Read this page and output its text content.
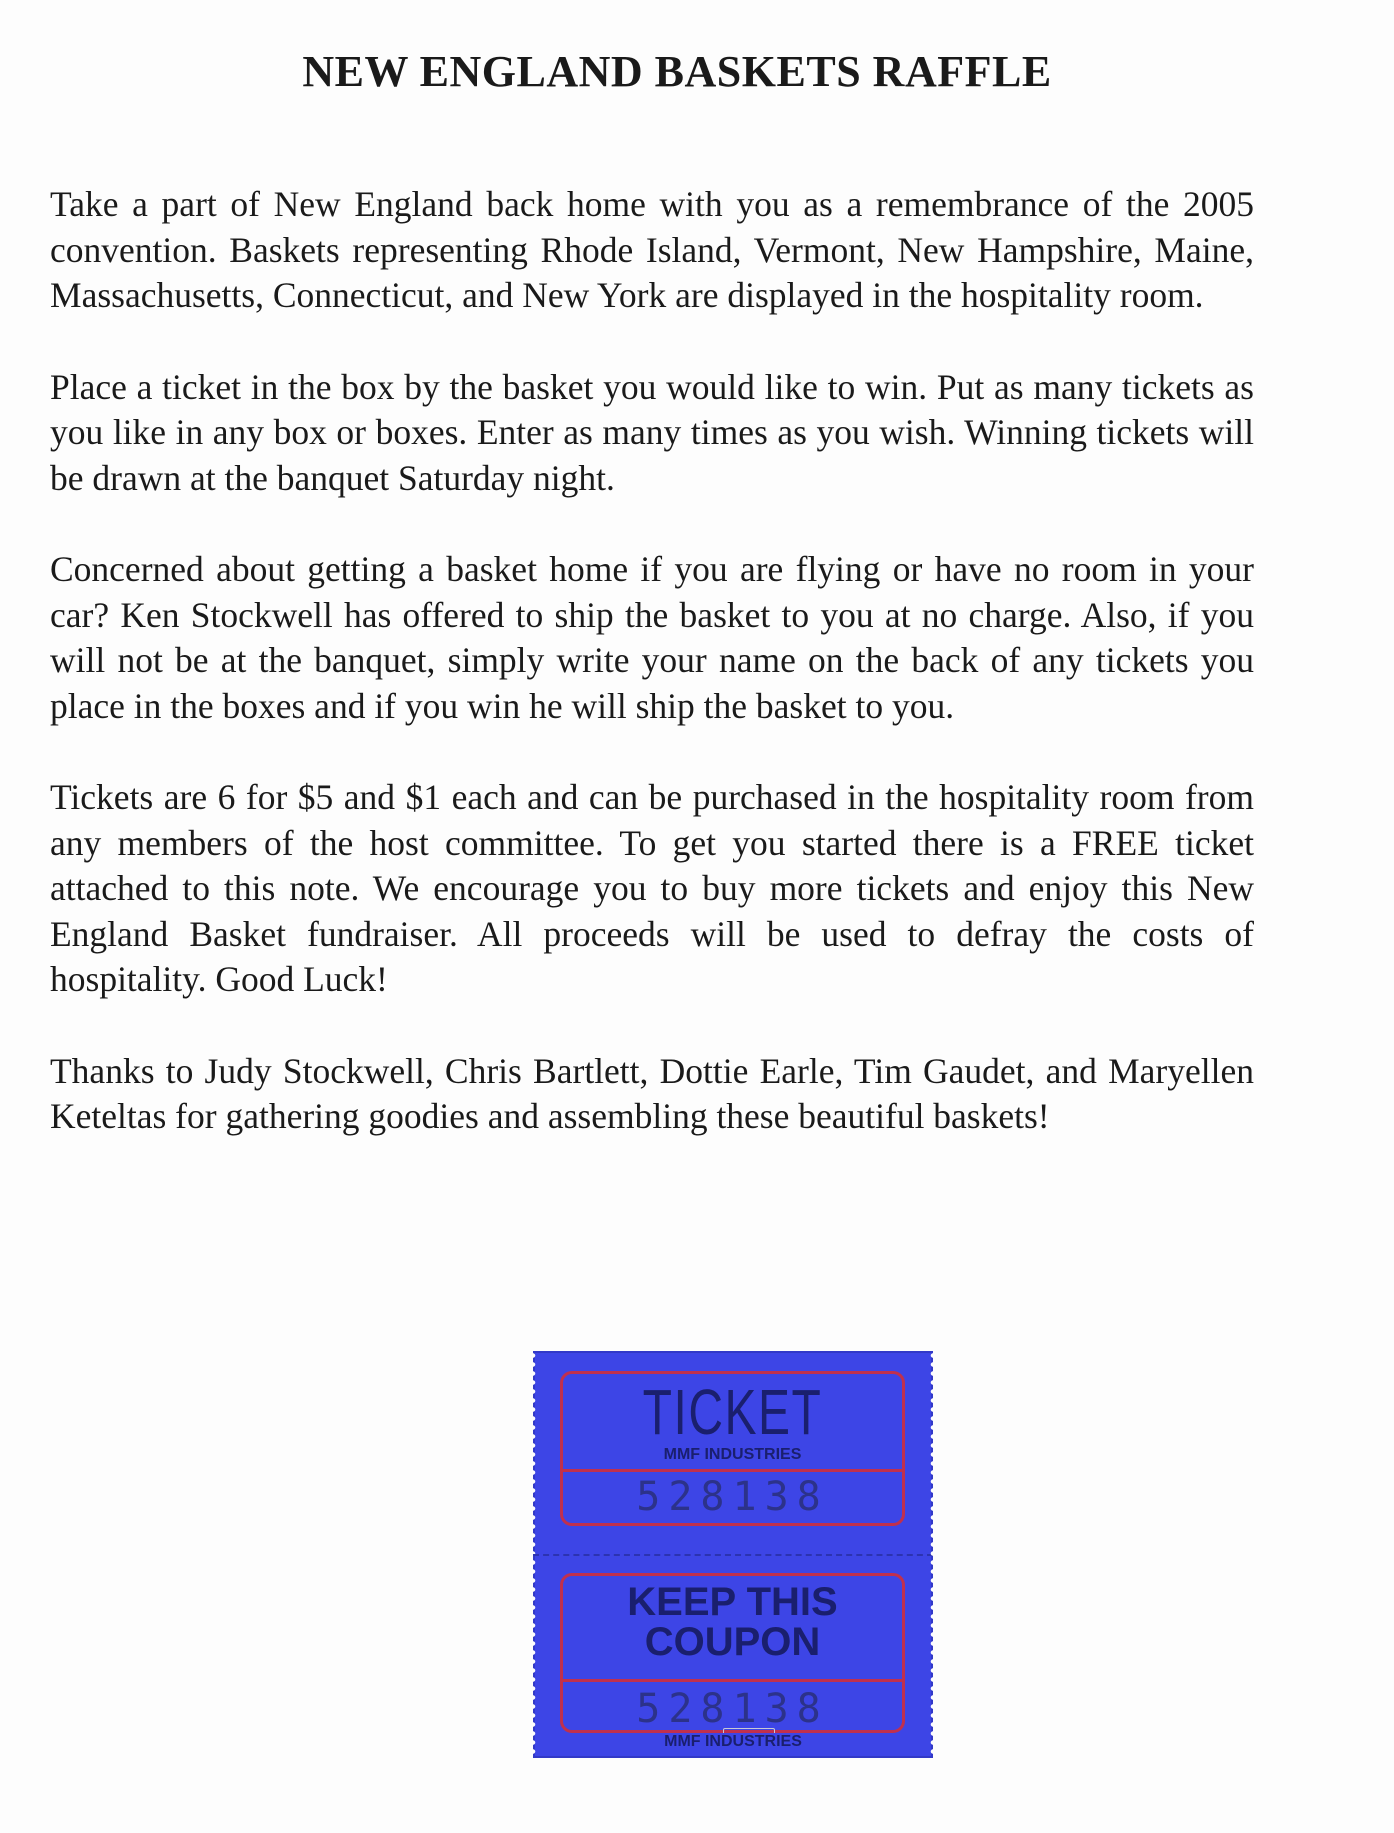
NEW ENGLAND BASKETS RAFFLE

Take a part of New England back home with you as a remembrance of the 2005 convention. Baskets representing Rhode Island, Vermont, New Hampshire, Maine, Massachusetts, Connecticut, and New York are displayed in the hospitality room.

Place a ticket in the box by the basket you would like to win. Put as many tickets as you like in any box or boxes. Enter as many times as you wish. Winning tickets will be drawn at the banquet Saturday night.

Concerned about getting a basket home if you are flying or have no room in your car? Ken Stockwell has offered to ship the basket to you at no charge. Also, if you will not be at the banquet, simply write your name on the back of any tickets you place in the boxes and if you win he will ship the basket to you.

Tickets are 6 for $5 and $1 each and can be purchased in the hospitality room from any members of the host committee. To get you started there is a FREE ticket attached to this note. We encourage you to buy more tickets and enjoy this New England Basket fundraiser. All proceeds will be used to defray the costs of hospitality. Good Luck!

Thanks to Judy Stockwell, Chris Bartlett, Dottie Earle, Tim Gaudet, and Maryellen Keteltas for gathering goodies and assembling these beautiful baskets!

TICKET
MMF INDUSTRIES
528138
KEEP THIS
COUPON
528138
MMF INDUSTRIES
